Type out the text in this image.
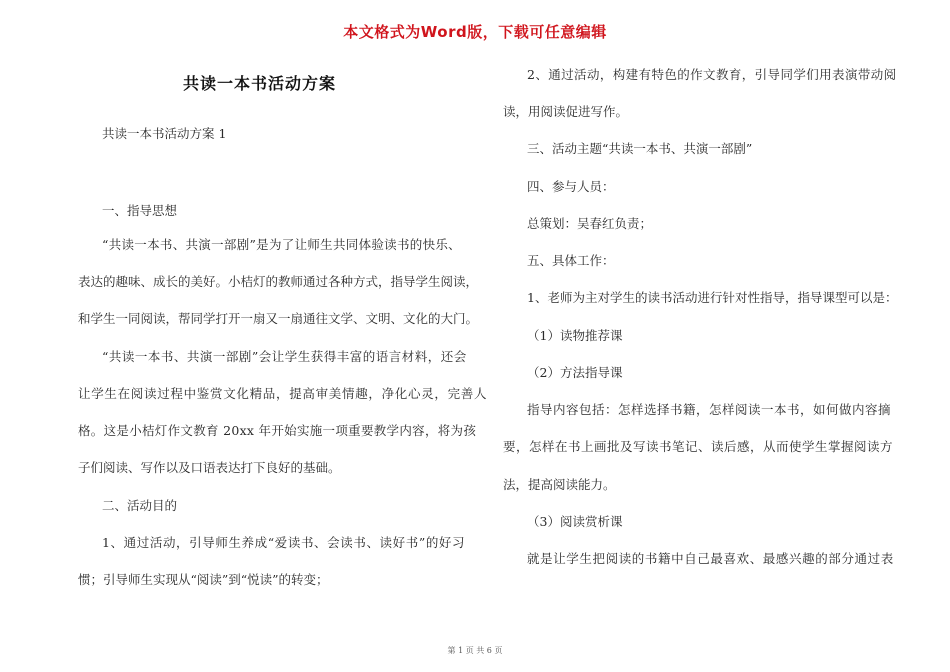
本文格式为Word版，下载可任意编辑
共读一本书活动方案
共读一本书活动方案 1
一、指导思想
“共读一本书、共演一部剧”是为了让师生共同体验读书的快乐、
表达的趣味、成长的美好。小桔灯的教师通过各种方式，指导学生阅读，
和学生一同阅读，帮同学打开一扇又一扇通往文学、文明、文化的大门。
“共读一本书、共演一部剧”会让学生获得丰富的语言材料，还会
让学生在阅读过程中鉴赏文化精品，提高审美情趣，净化心灵，完善人
格。这是小桔灯作文教育 20xx 年开始实施一项重要教学内容，将为孩
子们阅读、写作以及口语表达打下良好的基础。
二、活动目的
1、通过活动，引导师生养成“爱读书、会读书、读好书”的好习
惯；引导师生实现从“阅读”到“悦读”的转变；
2、通过活动，构建有特色的作文教育，引导同学们用表演带动阅
读，用阅读促进写作。
三、活动主题“共读一本书、共演一部剧”
四、参与人员：
总策划：吴春红负责；
五、具体工作：
1、老师为主对学生的读书活动进行针对性指导，指导课型可以是：
（1）读物推荐课
（2）方法指导课
指导内容包括：怎样选择书籍，怎样阅读一本书，如何做内容摘
要，怎样在书上画批及写读书笔记、读后感，从而使学生掌握阅读方
法，提高阅读能力。
（3）阅读赏析课
就是让学生把阅读的书籍中自己最喜欢、最感兴趣的部分通过表
第 1 页 共 6 页
